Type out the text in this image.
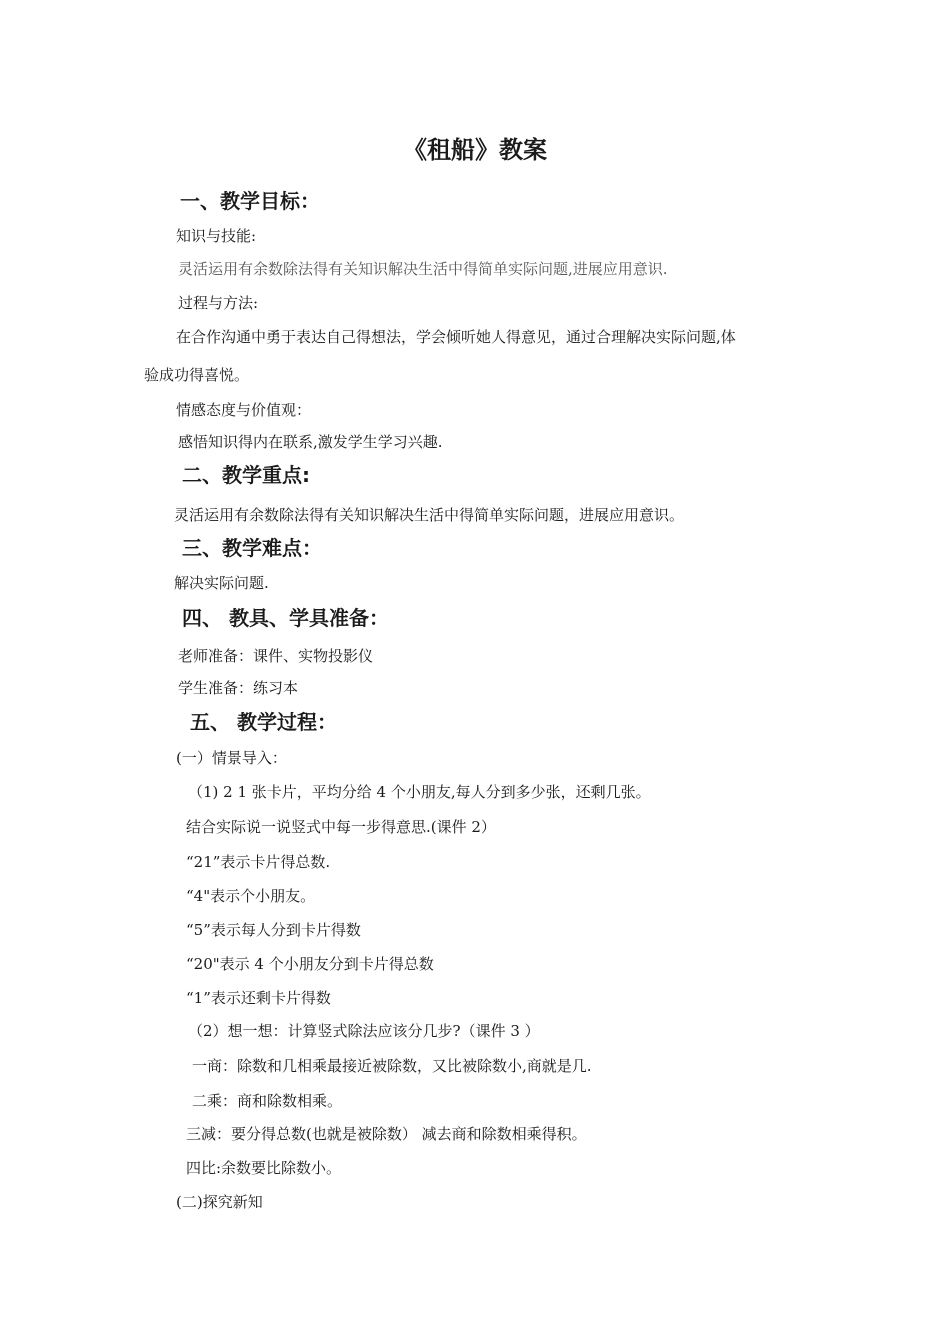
《租船》教案
一、教学目标：
知识与技能:
灵活运用有余数除法得有关知识解决生活中得简单实际问题,进展应用意识.
过程与方法:
在合作沟通中勇于表达自己得想法，学会倾听她人得意见，通过合理解决实际问题,体
验成功得喜悦。
情感态度与价值观：
感悟知识得内在联系,激发学生学习兴趣.
二、教学重点:
灵活运用有余数除法得有关知识解决生活中得简单实际问题，进展应用意识。
三、教学难点：
解决实际问题.
四、 教具、学具准备：
老师准备：课件、实物投影仪
学生准备：练习本
五、 教学过程：
(一）情景导入：
（1) 2 1 张卡片，平均分给 4 个小朋友,每人分到多少张，还剩几张。
结合实际说一说竖式中每一步得意思.(课件 2）
“21”表示卡片得总数.
“4"表示个小朋友。
“5”表示每人分到卡片得数
“20"表示 4 个小朋友分到卡片得总数
“1”表示还剩卡片得数
（2）想一想：计算竖式除法应该分几步?（课件 3 ）
一商：除数和几相乘最接近被除数，又比被除数小,商就是几.
二乘：商和除数相乘。
三减：要分得总数(也就是被除数） 减去商和除数相乘得积。
四比:余数要比除数小。
(二)探究新知
